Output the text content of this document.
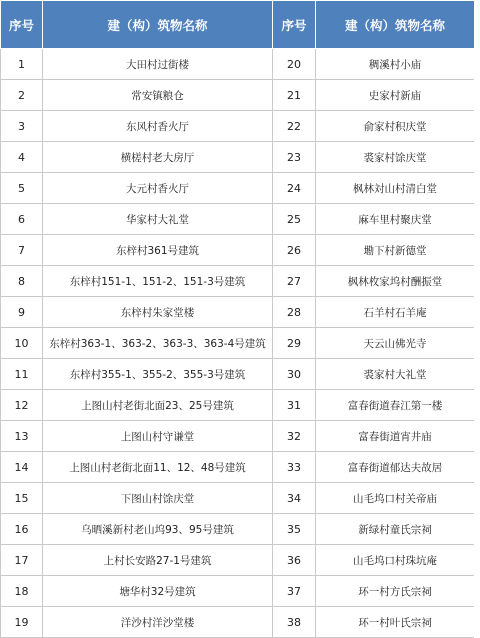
序号	建（构）筑物名称	序号	建（构）筑物名称
1	大田村过街楼	20	稠溪村小庙
2	常安镇粮仓	21	史家村新庙
3	东风村香火厅	22	俞家村积庆堂
4	横槎村老大房厅	23	裘家村馀庆堂
5	大元村香火厅	24	枫林対山村清白堂
6	华家村大礼堂	25	麻车里村聚庆堂
7	东梓村361号建筑	26	墈下村新德堂
8	东梓村151-1、151-2、151-3号建筑	27	枫林枚家坞村酬振堂
9	东梓村朱家堂楼	28	石羊村石羊庵
10	东梓村363-1、363-2、363-3、363-4号建筑	29	天云山佛光寺
11	东梓村355-1、355-2、355-3号建筑	30	裘家村大礼堂
12	上图山村老街北面23、25号建筑	31	富春街道春江第一楼
13	上图山村守谦堂	32	富春街道宵井庙
14	上图山村老街北面11、12、48号建筑	33	富春街道郁达夫故居
15	下图山村馀庆堂	34	山毛坞口村关帝庙
16	乌晒溪新村老山坞93、95号建筑	35	新绿村童氏宗祠
17	上村长安路27-1号建筑	36	山毛坞口村珠坑庵
18	塘华村32号建筑	37	环一村方氏宗祠
19	洋沙村洋沙堂楼	38	环一村叶氏宗祠
